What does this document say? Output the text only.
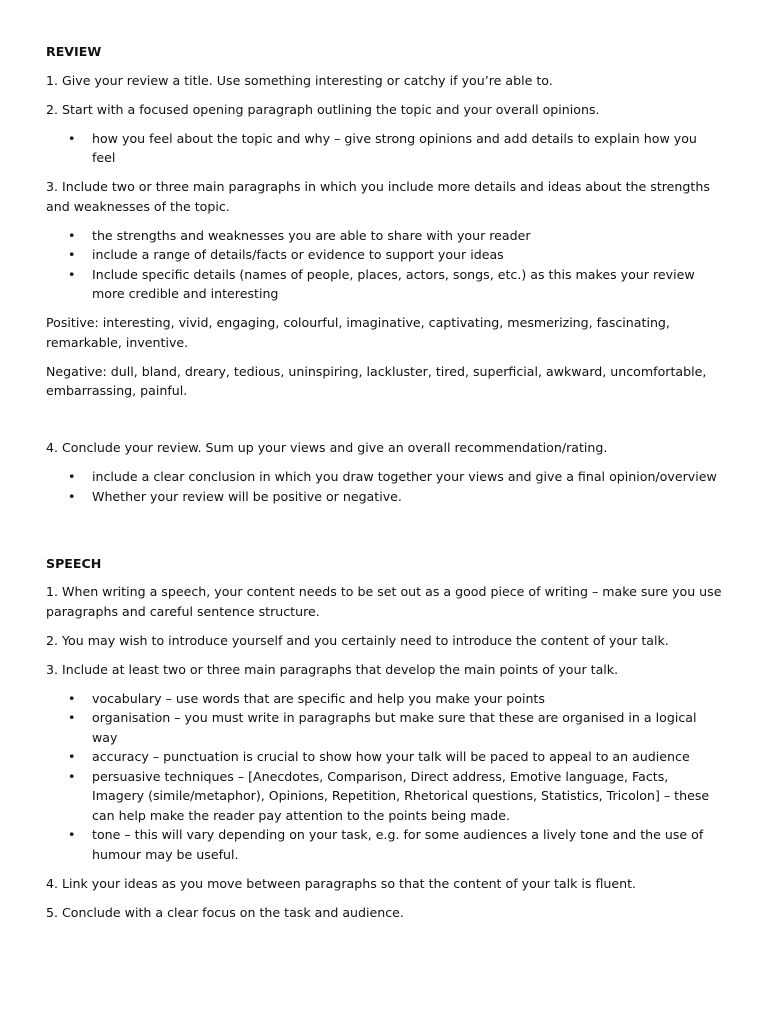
REVIEW
1. Give your review a title. Use something interesting or catchy if you’re able to.
2. Start with a focused opening paragraph outlining the topic and your overall opinions.
• how you feel about the topic and why – give strong opinions and add details to explain how you feel
3. Include two or three main paragraphs in which you include more details and ideas about the strengths and weaknesses of the topic.
• the strengths and weaknesses you are able to share with your reader
• include a range of details/facts or evidence to support your ideas
• Include specific details (names of people, places, actors, songs, etc.) as this makes your review more credible and interesting
Positive: interesting, vivid, engaging, colourful, imaginative, captivating, mesmerizing, fascinating, remarkable, inventive.
Negative: dull, bland, dreary, tedious, uninspiring, lackluster, tired, superficial, awkward, uncomfortable, embarrassing, painful.
4. Conclude your review. Sum up your views and give an overall recommendation/rating.
• include a clear conclusion in which you draw together your views and give a final opinion/overview
• Whether your review will be positive or negative.
SPEECH
1. When writing a speech, your content needs to be set out as a good piece of writing – make sure you use paragraphs and careful sentence structure.
2. You may wish to introduce yourself and you certainly need to introduce the content of your talk.
3. Include at least two or three main paragraphs that develop the main points of your talk.
• vocabulary – use words that are specific and help you make your points
• organisation – you must write in paragraphs but make sure that these are organised in a logical way
• accuracy – punctuation is crucial to show how your talk will be paced to appeal to an audience
• persuasive techniques – [Anecdotes, Comparison, Direct address, Emotive language, Facts, Imagery (simile/metaphor), Opinions, Repetition, Rhetorical questions, Statistics, Tricolon] – these can help make the reader pay attention to the points being made.
• tone – this will vary depending on your task, e.g. for some audiences a lively tone and the use of humour may be useful.
4. Link your ideas as you move between paragraphs so that the content of your talk is fluent.
5. Conclude with a clear focus on the task and audience.
